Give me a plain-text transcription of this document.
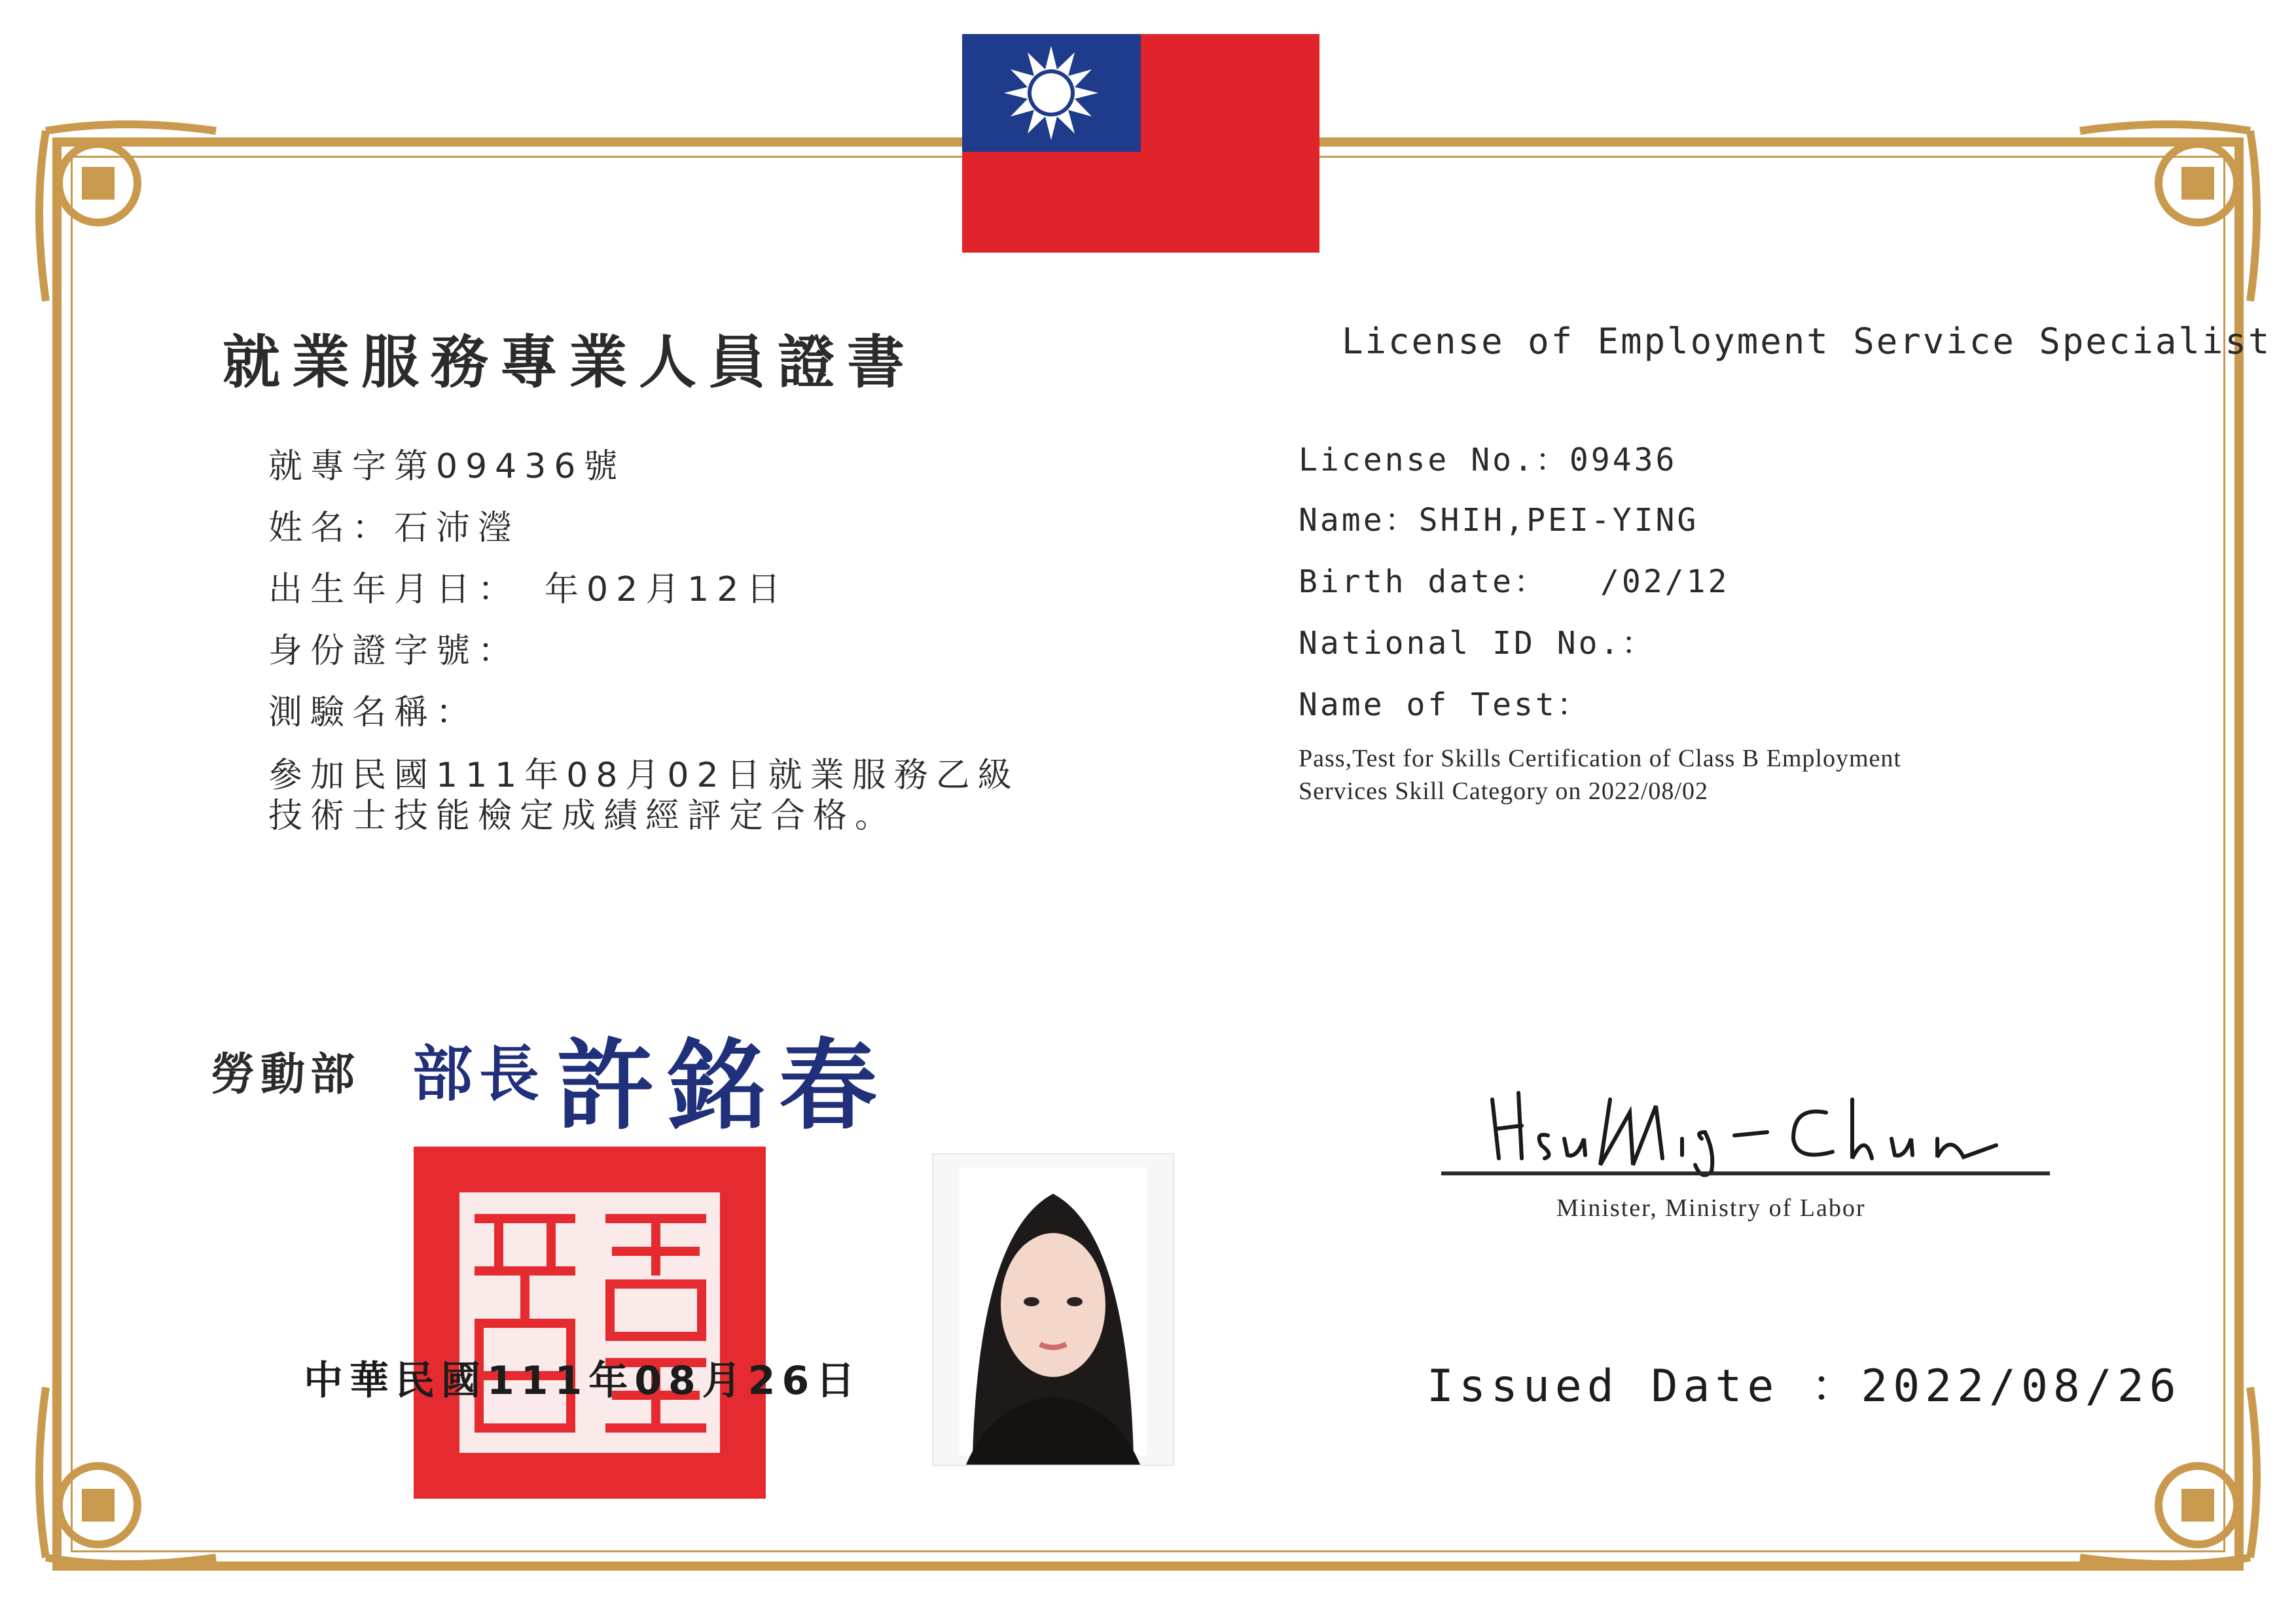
就業服務專業人員證書	License of Employment Service Specialist
就專字第09436號
姓名：石沛瀅
出生年月日：　年02月12日
身份證字號：
測驗名稱：
參加民國111年08月02日就業服務乙級
技術士技能檢定成績經評定合格。
License No.：09436
Name：SHIH,PEI-YING
Birth date：　　/02/12
National ID No.：
Name of Test：
Pass,Test for Skills Certification of Class B Employment
Services Skill Category on 2022/08/02
勞動部 部長 許銘春
中華民國111年08月26日
Minister, Ministry of Labor
Issued Date ：2022/08/26
